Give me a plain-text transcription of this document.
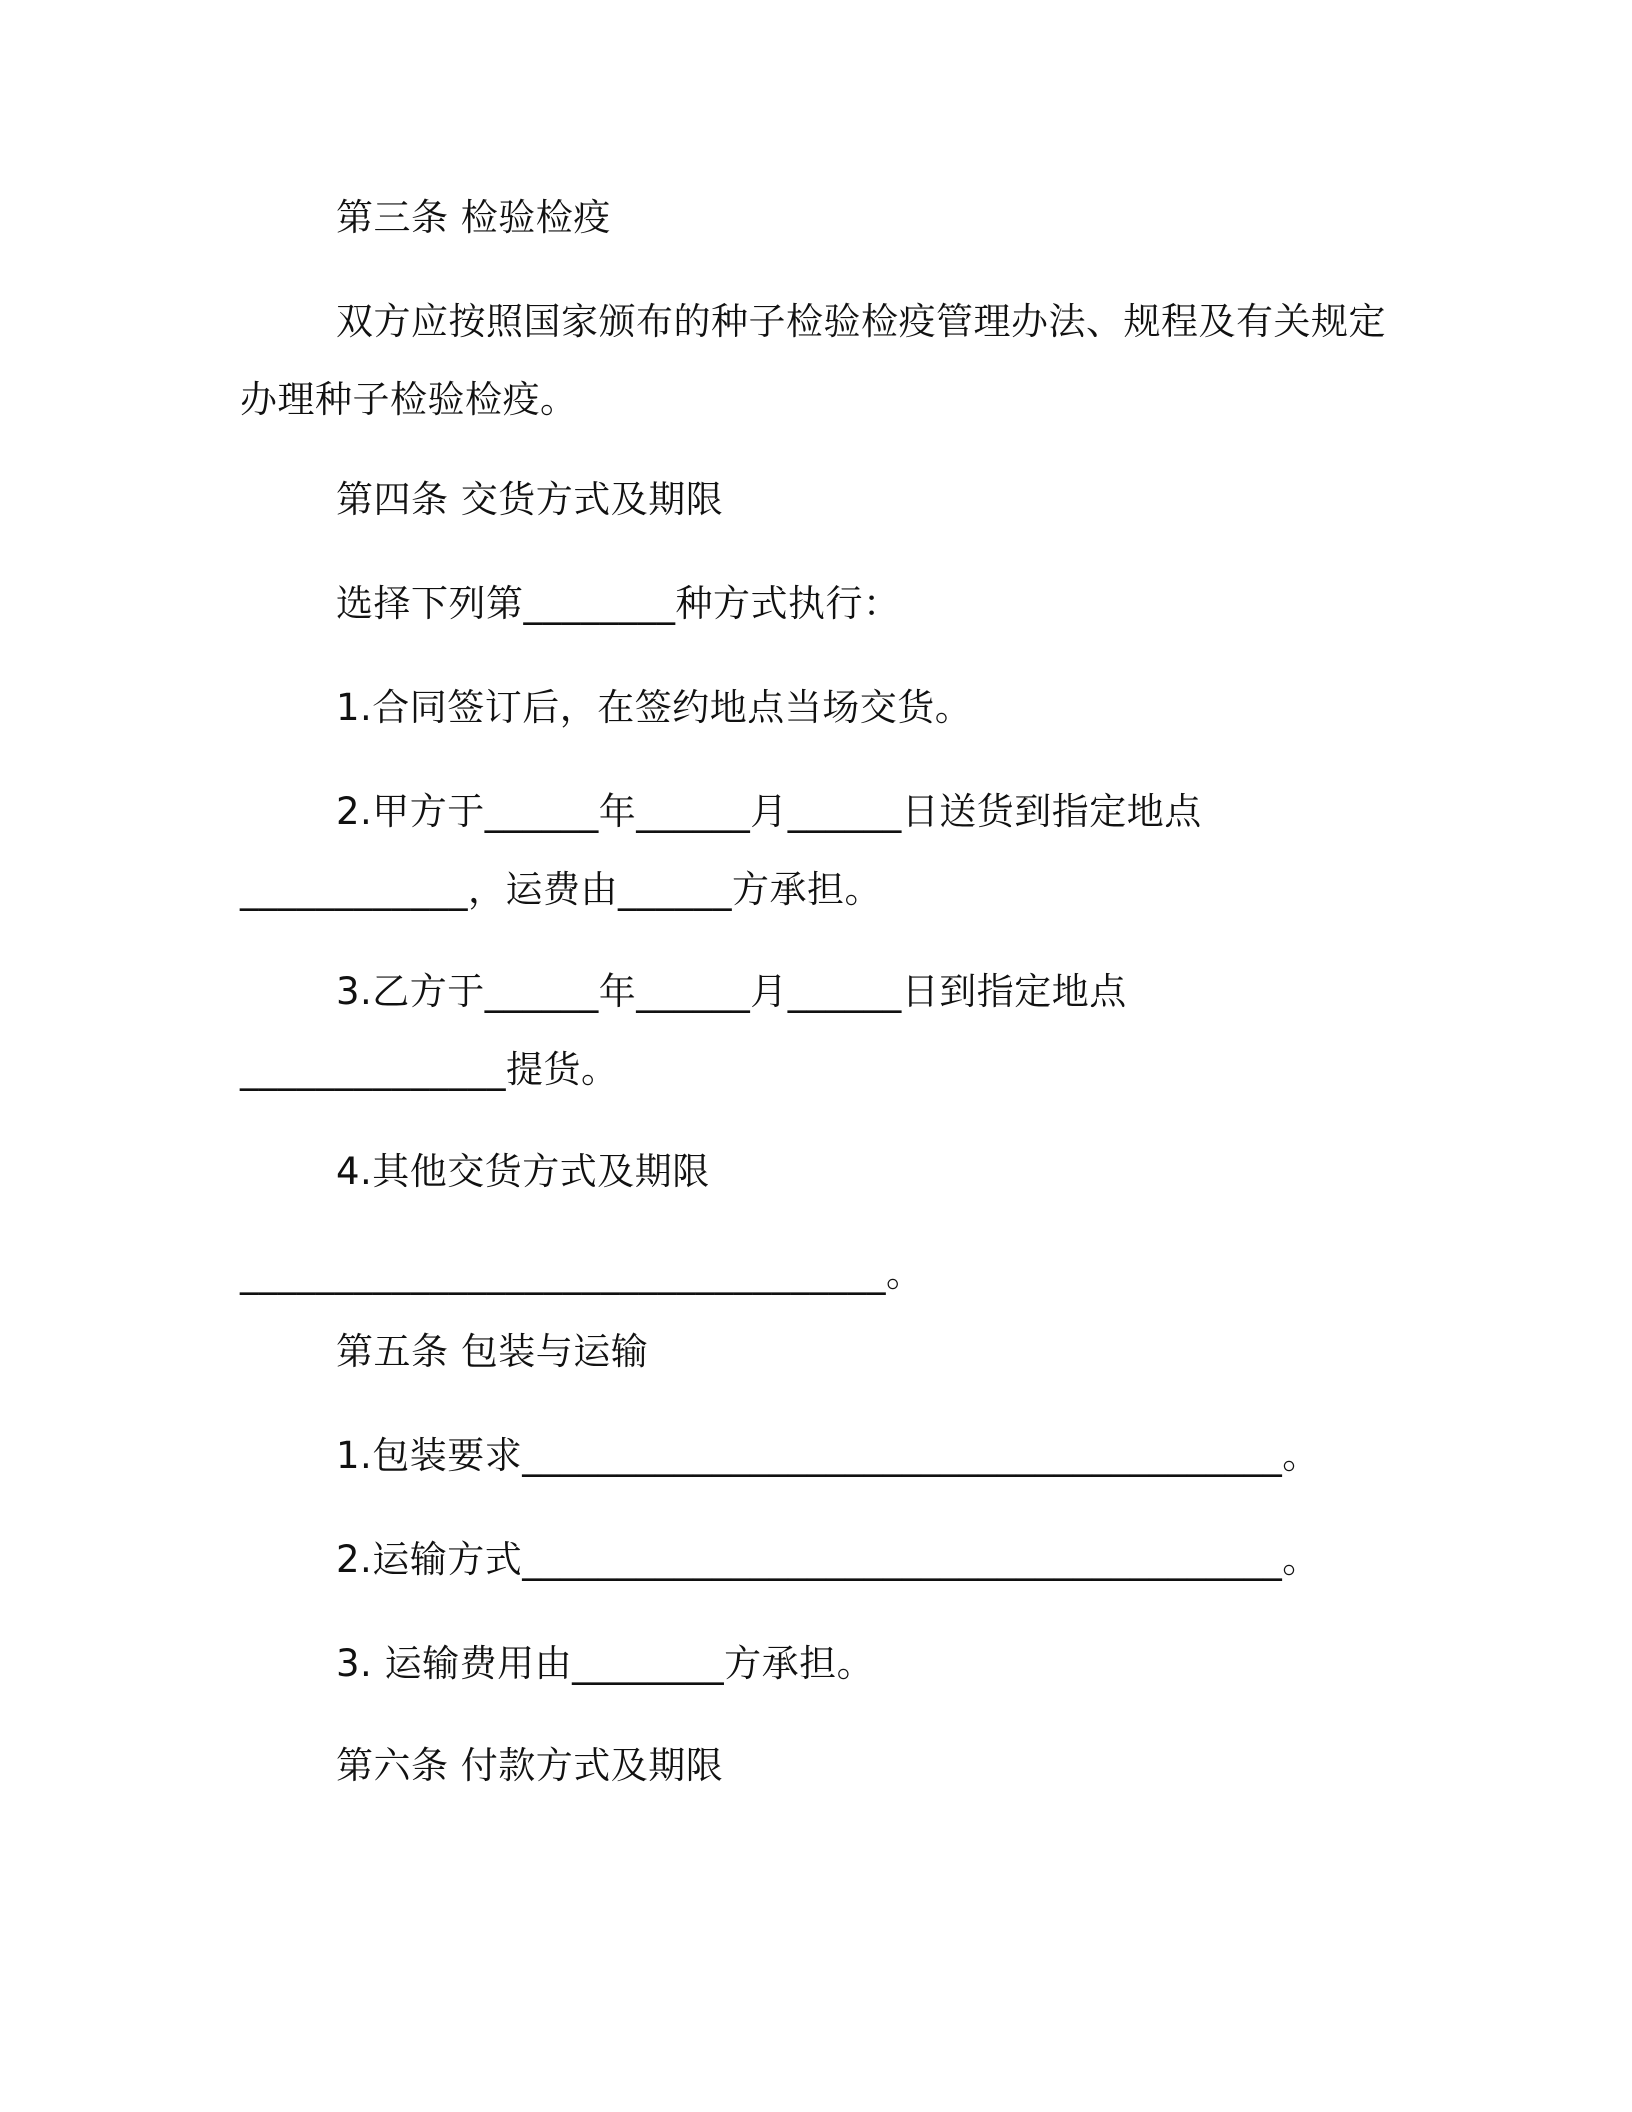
第三条 检验检疫
双方应按照国家颁布的种子检验检疫管理办法、规程及有关规定
办理种子检验检疫。
第四条 交货方式及期限
选择下列第________种方式执行：
1.合同签订后，在签约地点当场交货。
2.甲方于______年______月______日送货到指定地点
____________，运费由______方承担。
3.乙方于______年______月______日到指定地点
______________提货。
4.其他交货方式及期限
__________________________________。
第五条 包装与运输
1.包装要求________________________________________。
2.运输方式________________________________________。
3. 运输费用由________方承担。
第六条 付款方式及期限
